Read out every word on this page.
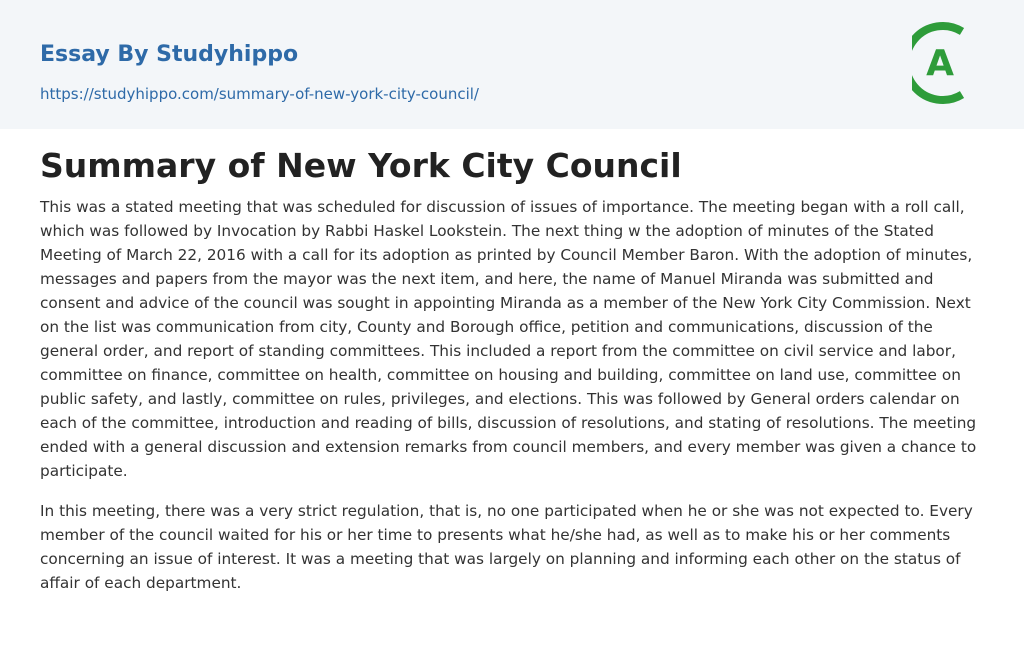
Essay By Studyhippo
https://studyhippo.com/summary-of-new-york-city-council/
A
Summary of New York City Council

This was a stated meeting that was scheduled for discussion of issues of importance. The meeting began with a roll call, which was followed by Invocation by Rabbi Haskel Lookstein. The next thing w the adoption of minutes of the Stated Meeting of March 22, 2016 with a call for its adoption as printed by Council Member Baron. With the adoption of minutes, messages and papers from the mayor was the next item, and here, the name of Manuel Miranda was submitted and consent and advice of the council was sought in appointing Miranda as a member of the New York City Commission. Next on the list was communication from city, County and Borough office, petition and communications, discussion of the general order, and report of standing committees. This included a report from the committee on civil service and labor, committee on finance, committee on health, committee on housing and building, committee on land use, committee on public safety, and lastly, committee on rules, privileges, and elections. This was followed by General orders calendar on each of the committee, introduction and reading of bills, discussion of resolutions, and stating of resolutions. The meeting ended with a general discussion and extension remarks from council members, and every member was given a chance to participate.

In this meeting, there was a very strict regulation, that is, no one participated when he or she was not expected to. Every member of the council waited for his or her time to presents what he/she had, as well as to make his or her comments concerning an issue of interest. It was a meeting that was largely on planning and informing each other on the status of affair of each department.
